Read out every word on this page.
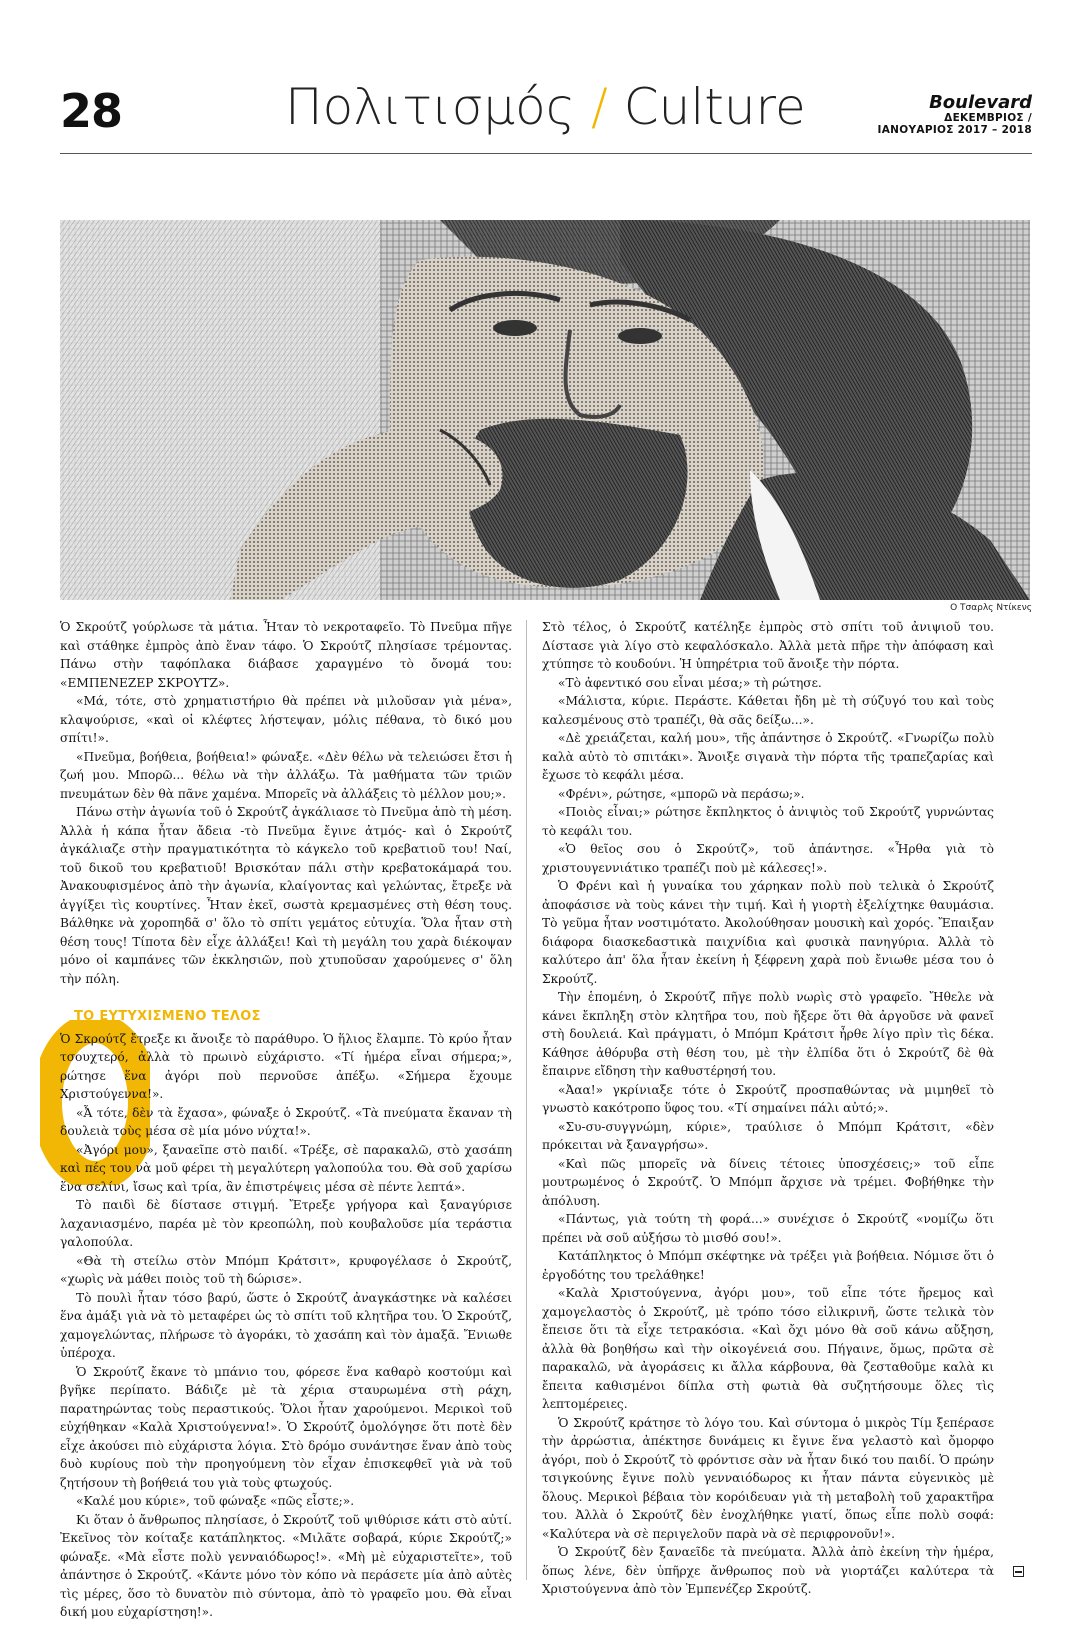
28	Πολιτισμός / Culture	Boulevard
ΔΕΚΕΜΒΡΙΟΣ /
ΙΑΝΟΥΑΡΙΟΣ 2017 – 2018
Ο Τσαρλς Ντίκενς

Ὁ Σκρούτζ γούρλωσε τὰ μάτια. Ἦταν τὸ νεκροταφεῖο. Τὸ Πνεῦμα πῆγε καὶ στάθηκε ἐμπρὸς ἀπὸ ἕναν τάφο. Ὁ Σκρούτζ πλησίασε τρέμοντας. Πάνω στὴν ταφόπλακα διάβασε χαραγμένο τὸ ὄνομά του: «ΕΜΠΕΝΕΖΕΡ ΣΚΡΟΥΤΖ».

«Μά, τότε, στὸ χρηματιστήριο θὰ πρέπει νὰ μιλοῦσαν γιὰ μένα», κλαψούρισε, «καὶ οἱ κλέφτες λήστεψαν, μόλις πέθανα, τὸ δικό μου σπίτι!».

«Πνεῦμα, βοήθεια, βοήθεια!» φώναξε. «Δὲν θέλω νὰ τελειώσει ἔτσι ἡ ζωή μου. Μπορῶ... θέλω νὰ τὴν ἀλλάξω. Τὰ μαθήματα τῶν τριῶν πνευμάτων δὲν θὰ πᾶνε χαμένα. Μπορεῖς νὰ ἀλλάξεις τὸ μέλλον μου;».

Πάνω στὴν ἀγωνία τοῦ ὁ Σκρούτζ ἀγκάλιασε τὸ Πνεῦμα ἀπὸ τὴ μέση. Ἀλλὰ ἡ κάπα ἦταν ἄδεια -τὸ Πνεῦμα ἔγινε ἀτμός- καὶ ὁ Σκρούτζ ἀγκάλιαζε στὴν πραγματικότητα τὸ κάγκελο τοῦ κρεβατιοῦ του! Ναί, τοῦ δικοῦ του κρεβατιοῦ! Βρισκόταν πάλι στὴν κρεβατοκάμαρά του. Ἀνακουφισμένος ἀπὸ τὴν ἀγωνία, κλαίγοντας καὶ γελώντας, ἔτρεξε νὰ ἀγγίξει τὶς κουρτίνες. Ἦταν ἐκεῖ, σωστὰ κρεμασμένες στὴ θέση τους. Βάλθηκε νὰ χοροπηδᾶ σ' ὅλο τὸ σπίτι γεμάτος εὐτυχία. Ὅλα ἦταν στὴ θέση τους! Τίποτα δὲν εἶχε ἀλλάξει! Καὶ τὴ μεγάλη του χαρὰ διέκοψαν μόνο οἱ καμπάνες τῶν ἐκκλησιῶν, ποὺ χτυποῦσαν χαρούμενες σ' ὅλη τὴν πόλη.

ΤΟ ΕΥΤΥΧΙΣΜΕΝΟ ΤΕΛΟΣ

Ὁ Σκρούτζ ἔτρεξε κι ἄνοιξε τὸ παράθυρο. Ὁ ἥλιος ἔλαμπε. Τὸ κρύο ἦταν τσουχτερό, ἀλλὰ τὸ πρωινὸ εὐχάριστο. «Τί ἡμέρα εἶναι σήμερα;», ρώτησε ἕνα ἀγόρι ποὺ περνοῦσε ἀπέξω. «Σήμερα ἔχουμε Χριστούγεννα!».

«Ἆ τότε, δὲν τὰ ἔχασα», φώναξε ὁ Σκρούτζ. «Τὰ πνεύματα ἔκαναν τὴ δουλειὰ τοὺς μέσα σὲ μία μόνο νύχτα!».

«Ἀγόρι μου», ξαναεῖπε στὸ παιδί. «Τρέξε, σὲ παρακαλῶ, στὸ χασάπη καὶ πές του νὰ μοῦ φέρει τὴ μεγαλύτερη γαλοπούλα του. Θὰ σοῦ χαρίσω ἕνα σελίνι, ἴσως καὶ τρία, ἂν ἐπιστρέψεις μέσα σὲ πέντε λεπτά».

Τὸ παιδὶ δὲ δίστασε στιγμή. Ἔτρεξε γρήγορα καὶ ξαναγύρισε λαχανιασμένο, παρέα μὲ τὸν κρεοπώλη, ποὺ κουβαλοῦσε μία τεράστια γαλοπούλα.

«Θὰ τὴ στείλω στὸν Μπόμπ Κράτσιτ», κρυφογέλασε ὁ Σκρούτζ, «χωρὶς νὰ μάθει ποιὸς τοῦ τὴ δώρισε».

Τὸ πουλὶ ἦταν τόσο βαρύ, ὥστε ὁ Σκρούτζ ἀναγκάστηκε νὰ καλέσει ἕνα ἀμάξι γιὰ νὰ τὸ μεταφέρει ὡς τὸ σπίτι τοῦ κλητῆρα του. Ὁ Σκρούτζ, χαμογελώντας, πλήρωσε τὸ ἀγοράκι, τὸ χασάπη καὶ τὸν ἀμαξᾶ. Ἔνιωθε ὑπέροχα.

Ὁ Σκρούτζ ἔκανε τὸ μπάνιο του, φόρεσε ἕνα καθαρὸ κοστούμι καὶ βγῆκε περίπατο. Βάδιζε μὲ τὰ χέρια σταυρωμένα στὴ ράχη, παρατηρώντας τοὺς περαστικούς. Ὅλοι ἦταν χαρούμενοι. Μερικοὶ τοῦ εὐχήθηκαν «Καλὰ Χριστούγεννα!». Ὁ Σκρούτζ ὁμολόγησε ὅτι ποτὲ δὲν εἶχε ἀκούσει πιὸ εὐχάριστα λόγια. Στὸ δρόμο συνάντησε ἕναν ἀπὸ τοὺς δυὸ κυρίους ποὺ τὴν προηγούμενη τὸν εἶχαν ἐπισκεφθεῖ γιὰ νὰ τοῦ ζητήσουν τὴ βοήθειά του γιὰ τοὺς φτωχούς.

«Καλέ μου κύριε», τοῦ φώναξε «πῶς εἶστε;».

Κι ὅταν ὁ ἄνθρωπος πλησίασε, ὁ Σκρούτζ τοῦ ψιθύρισε κάτι στὸ αὐτί. Ἐκεῖνος τὸν κοίταξε κατάπληκτος. «Μιλᾶτε σοβαρά, κύριε Σκρούτζ;» φώναξε. «Μὰ εἶστε πολὺ γενναιόδωρος!». «Μὴ μὲ εὐχαριστεῖτε», τοῦ ἀπάντησε ὁ Σκρούτζ. «Κάντε μόνο τὸν κόπο νὰ περάσετε μία ἀπὸ αὐτὲς τὶς μέρες, ὅσο τὸ δυνατὸν πιὸ σύντομα, ἀπὸ τὸ γραφεῖο μου. Θὰ εἶναι δική μου εὐχαρίστηση!».

Στὸ τέλος, ὁ Σκρούτζ κατέληξε ἐμπρὸς στὸ σπίτι τοῦ ἀνιψιοῦ του. Δίστασε γιὰ λίγο στὸ κεφαλόσκαλο. Ἀλλὰ μετὰ πῆρε τὴν ἀπόφαση καὶ χτύπησε τὸ κουδούνι. Ἡ ὑπηρέτρια τοῦ ἄνοιξε τὴν πόρτα.

«Τὸ ἀφεντικό σου εἶναι μέσα;» τὴ ρώτησε.

«Μάλιστα, κύριε. Περάστε. Κάθεται ἤδη μὲ τὴ σύζυγό του καὶ τοὺς καλεσμένους στὸ τραπέζι, θὰ σᾶς δείξω...».

«Δὲ χρειάζεται, καλή μου», τῆς ἀπάντησε ὁ Σκρούτζ. «Γνωρίζω πολὺ καλὰ αὐτὸ τὸ σπιτάκι». Ἄνοιξε σιγανὰ τὴν πόρτα τῆς τραπεζαρίας καὶ ἔχωσε τὸ κεφάλι μέσα.

«Φρένι», ρώτησε, «μπορῶ νὰ περάσω;».

«Ποιὸς εἶναι;» ρώτησε ἔκπληκτος ὁ ἀνιψιὸς τοῦ Σκρούτζ γυρνώντας τὸ κεφάλι του.

«Ὁ θεῖος σου ὁ Σκρούτζ», τοῦ ἀπάντησε. «Ἦρθα γιὰ τὸ χριστουγεννιάτικο τραπέζι ποὺ μὲ κάλεσες!».

Ὁ Φρένι καὶ ἡ γυναίκα του χάρηκαν πολὺ ποὺ τελικὰ ὁ Σκρούτζ ἀποφάσισε νὰ τοὺς κάνει τὴν τιμή. Καὶ ἡ γιορτὴ ἐξελίχτηκε θαυμάσια. Τὸ γεῦμα ἦταν νοστιμότατο. Ἀκολούθησαν μουσικὴ καὶ χορός. Ἔπαιξαν διάφορα διασκεδαστικὰ παιχνίδια καὶ φυσικὰ πανηγύρια. Ἀλλὰ τὸ καλύτερο ἀπ' ὅλα ἦταν ἐκείνη ἡ ξέφρενη χαρὰ ποὺ ἔνιωθε μέσα του ὁ Σκρούτζ.

Τὴν ἑπομένη, ὁ Σκρούτζ πῆγε πολὺ νωρὶς στὸ γραφεῖο. Ἤθελε νὰ κάνει ἔκπληξη στὸν κλητῆρα του, ποὺ ἤξερε ὅτι θὰ ἀργοῦσε νὰ φανεῖ στὴ δουλειά. Καὶ πράγματι, ὁ Μπόμπ Κράτσιτ ἦρθε λίγο πρὶν τὶς δέκα. Κάθησε ἀθόρυβα στὴ θέση του, μὲ τὴν ἐλπίδα ὅτι ὁ Σκρούτζ δὲ θὰ ἔπαιρνε εἴδηση τὴν καθυστέρησή του.

«Ἀαα!» γκρίνιαξε τότε ὁ Σκρούτζ προσπαθώντας νὰ μιμηθεῖ τὸ γνωστὸ κακότροπο ὕφος του. «Τί σημαίνει πάλι αὐτό;».

«Συ-συ-συγγνώμη, κύριε», τραύλισε ὁ Μπόμπ Κράτσιτ, «δὲν πρόκειται νὰ ξαναγρήσω».

«Καὶ πῶς μπορεῖς νὰ δίνεις τέτοιες ὑποσχέσεις;» τοῦ εἶπε μουτρωμένος ὁ Σκρούτζ. Ὁ Μπόμπ ἄρχισε νὰ τρέμει. Φοβήθηκε τὴν ἀπόλυση.

«Πάντως, γιὰ τούτη τὴ φορά...» συνέχισε ὁ Σκρούτζ «νομίζω ὅτι πρέπει νὰ σοῦ αὐξήσω τὸ μισθό σου!».

Κατάπληκτος ὁ Μπόμπ σκέφτηκε νὰ τρέξει γιὰ βοήθεια. Νόμισε ὅτι ὁ ἐργοδότης του τρελάθηκε!

«Καλὰ Χριστούγεννα, ἀγόρι μου», τοῦ εἶπε τότε ἤρεμος καὶ χαμογελαστὸς ὁ Σκρούτζ, μὲ τρόπο τόσο εἰλικρινῆ, ὥστε τελικὰ τὸν ἔπεισε ὅτι τὰ εἶχε τετρακόσια. «Καὶ ὄχι μόνο θὰ σοῦ κάνω αὔξηση, ἀλλὰ θὰ βοηθήσω καὶ τὴν οἰκογένειά σου. Πήγαινε, ὅμως, πρῶτα σὲ παρακαλῶ, νὰ ἀγοράσεις κι ἄλλα κάρβουνα, θὰ ζεσταθοῦμε καλὰ κι ἔπειτα καθισμένοι δίπλα στὴ φωτιὰ θὰ συζητήσουμε ὅλες τὶς λεπτομέρειες.

Ὁ Σκρούτζ κράτησε τὸ λόγο του. Καὶ σύντομα ὁ μικρὸς Τίμ ξεπέρασε τὴν ἀρρώστια, ἀπέκτησε δυνάμεις κι ἔγινε ἕνα γελαστὸ καὶ ὄμορφο ἀγόρι, ποὺ ὁ Σκρούτζ τὸ φρόντισε σὰν νὰ ἦταν δικό του παιδί. Ὁ πρώην τσιγκούνης ἔγινε πολὺ γενναιόδωρος κι ἦταν πάντα εὐγενικὸς μὲ ὅλους. Μερικοὶ βέβαια τὸν κορόιδευαν γιὰ τὴ μεταβολὴ τοῦ χαρακτῆρα του. Ἀλλὰ ὁ Σκρούτζ δὲν ἐνοχλήθηκε γιατί, ὅπως εἶπε πολὺ σοφά: «Καλύτερα νὰ σὲ περιγελοῦν παρὰ νὰ σὲ περιφρονοῦν!».

Ὁ Σκρούτζ δὲν ξαναεῖδε τὰ πνεύματα. Ἀλλὰ ἀπὸ ἐκείνη τὴν ἡμέρα, ὅπως λένε, δὲν ὑπῆρχε ἄνθρωπος ποὺ νὰ γιορτάζει καλύτερα τὰ Χριστούγεννα ἀπὸ τὸν Ἐμπενέζερ Σκρούτζ.
